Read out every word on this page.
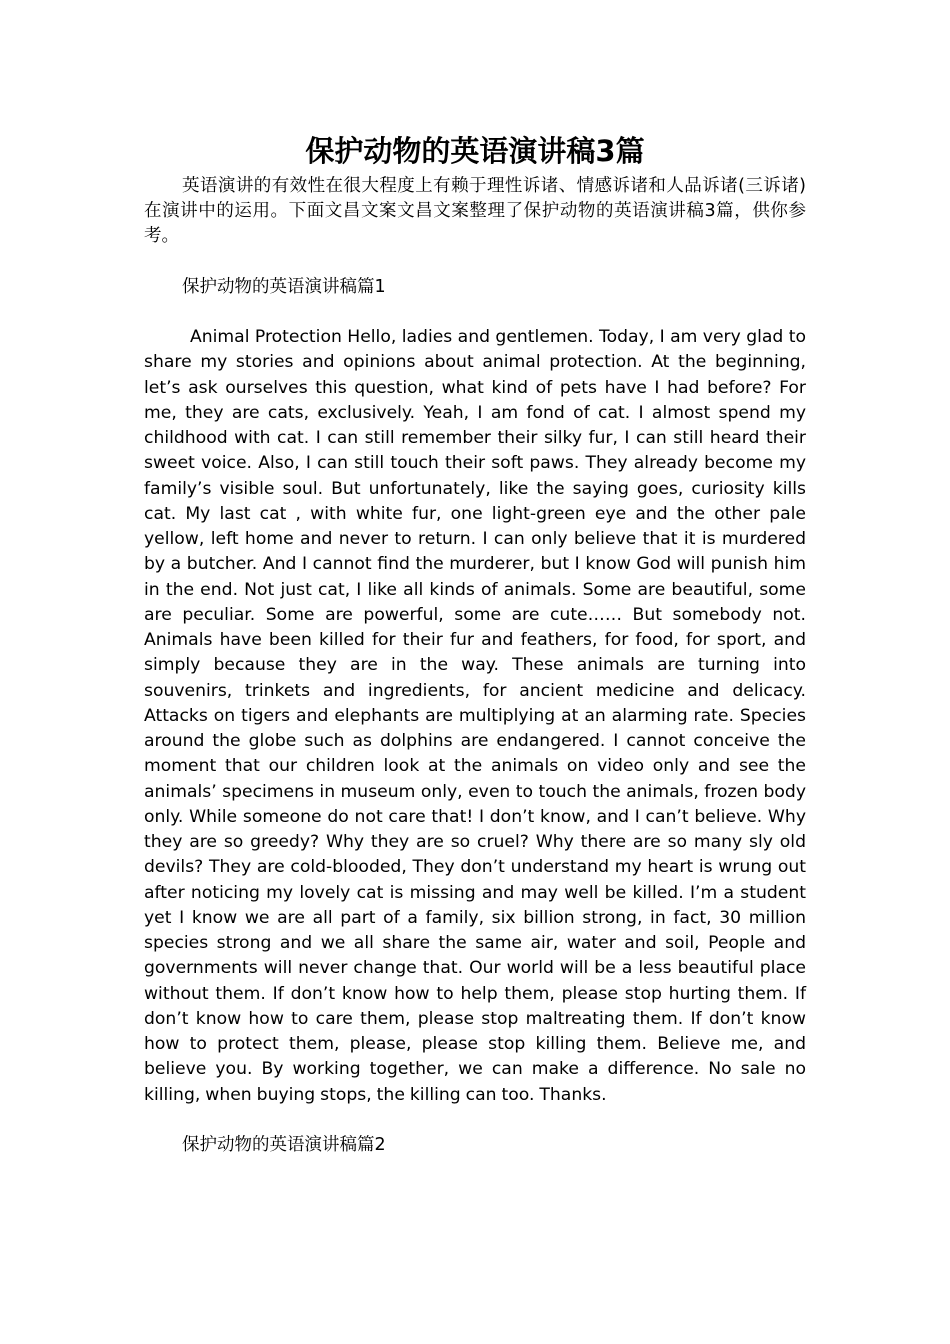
保护动物的英语演讲稿3篇

英语演讲的有效性在很大程度上有赖于理性诉诸、情感诉诸和人品诉诸(三诉诸)在演讲中的运用。下面文昌文案文昌文案整理了保护动物的英语演讲稿3篇，供你参考。

保护动物的英语演讲稿篇1

Animal Protection Hello, ladies and gentlemen. Today, I am very glad to share my stories and opinions about animal protection. At the beginning, let’s ask ourselves this question, what kind of pets have I had before? For me, they are cats, exclusively. Yeah, I am fond of cat. I almost spend my childhood with cat. I can still remember their silky fur, I can still heard their sweet voice. Also, I can still touch their soft paws. They already become my family’s visible soul. But unfortunately, like the saying goes, curiosity kills cat. My last cat , with white fur, one light-green eye and the other pale yellow, left home and never to return. I can only believe that it is murdered by a butcher. And I cannot find the murderer, but I know God will punish him in the end. Not just cat, I like all kinds of animals. Some are beautiful, some are peculiar. Some are powerful, some are cute…… But somebody not. Animals have been killed for their fur and feathers, for food, for sport, and simply because they are in the way. These animals are turning into souvenirs, trinkets and ingredients, for ancient medicine and delicacy. Attacks on tigers and elephants are multiplying at an alarming rate. Species around the globe such as dolphins are endangered. I cannot conceive the moment that our children look at the animals on video only and see the animals’ specimens in museum only, even to touch the animals, frozen body only. While someone do not care that! I don’t know, and I can’t believe. Why they are so greedy? Why they are so cruel? Why there are so many sly old devils? They are cold-blooded, They don’t understand my heart is wrung out after noticing my lovely cat is missing and may well be killed. I’m a student yet I know we are all part of a family, six billion strong, in fact, 30 million species strong and we all share the same air, water and soil, People and governments will never change that. Our world will be a less beautiful place without them. If don’t know how to help them, please stop hurting them. If don’t know how to care them, please stop maltreating them. If don’t know how to protect them, please, please stop killing them. Believe me, and believe you. By working together, we can make a difference. No sale no killing, when buying stops, the killing can too. Thanks.

保护动物的英语演讲稿篇2
